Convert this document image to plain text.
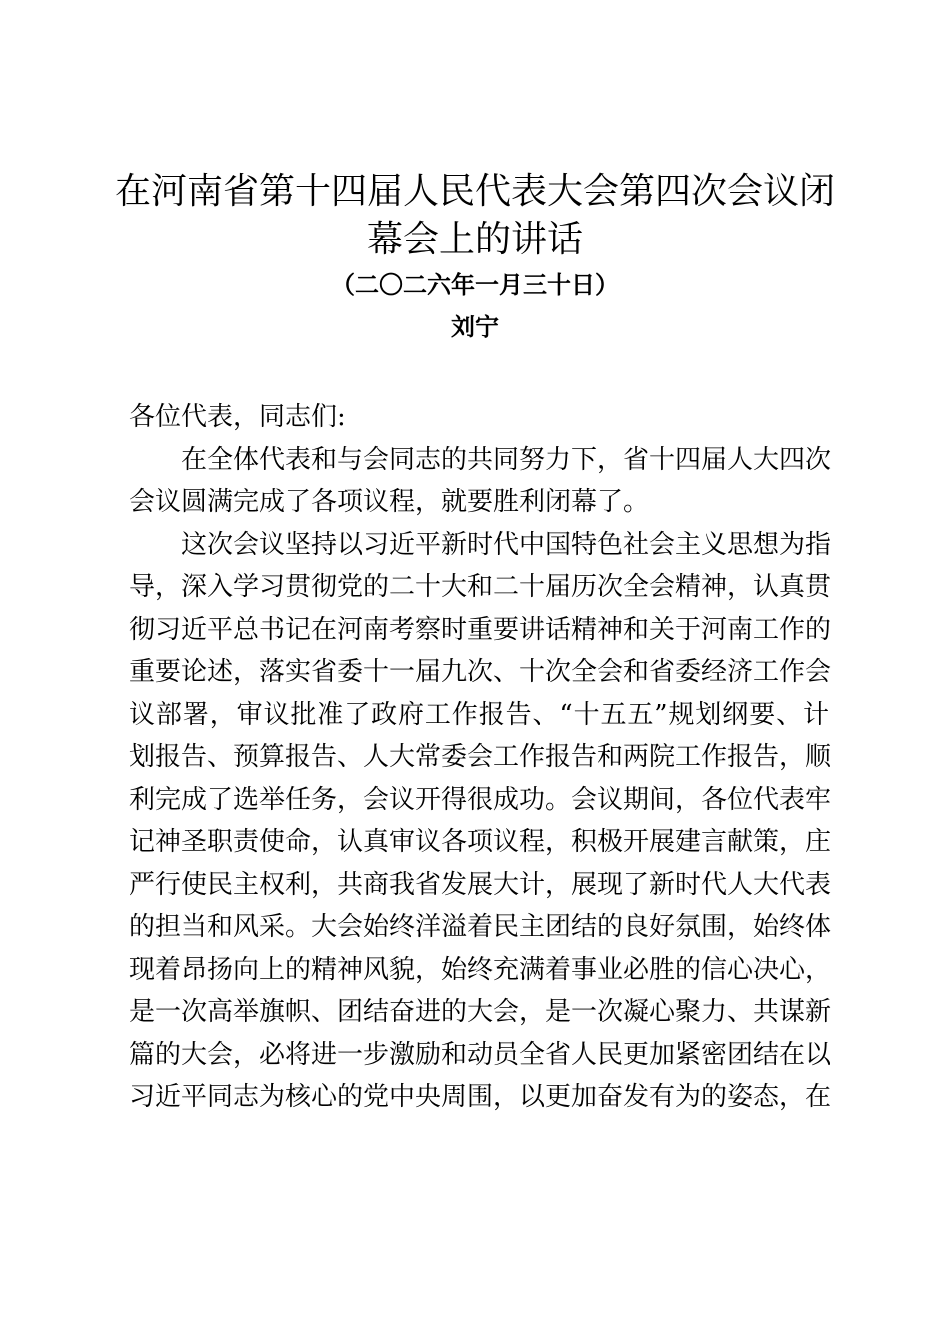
在河南省第十四届人民代表大会第四次会议闭
幕会上的讲话
（二〇二六年一月三十日）
刘宁

各位代表，同志们:

在全体代表和与会同志的共同努力下，省十四届人大四次
会议圆满完成了各项议程，就要胜利闭幕了。

这次会议坚持以习近平新时代中国特色社会主义思想为指
导，深入学习贯彻党的二十大和二十届历次全会精神，认真贯
彻习近平总书记在河南考察时重要讲话精神和关于河南工作的
重要论述，落实省委十一届九次、十次全会和省委经济工作会
议部署，审议批准了政府工作报告、“十五五”规划纲要、计
划报告、预算报告、人大常委会工作报告和两院工作报告，顺
利完成了选举任务，会议开得很成功。会议期间，各位代表牢
记神圣职责使命，认真审议各项议程，积极开展建言献策，庄
严行使民主权利，共商我省发展大计，展现了新时代人大代表
的担当和风采。大会始终洋溢着民主团结的良好氛围，始终体
现着昂扬向上的精神风貌，始终充满着事业必胜的信心决心，
是一次高举旗帜、团结奋进的大会，是一次凝心聚力、共谋新
篇的大会，必将进一步激励和动员全省人民更加紧密团结在以
习近平同志为核心的党中央周围，以更加奋发有为的姿态，在
